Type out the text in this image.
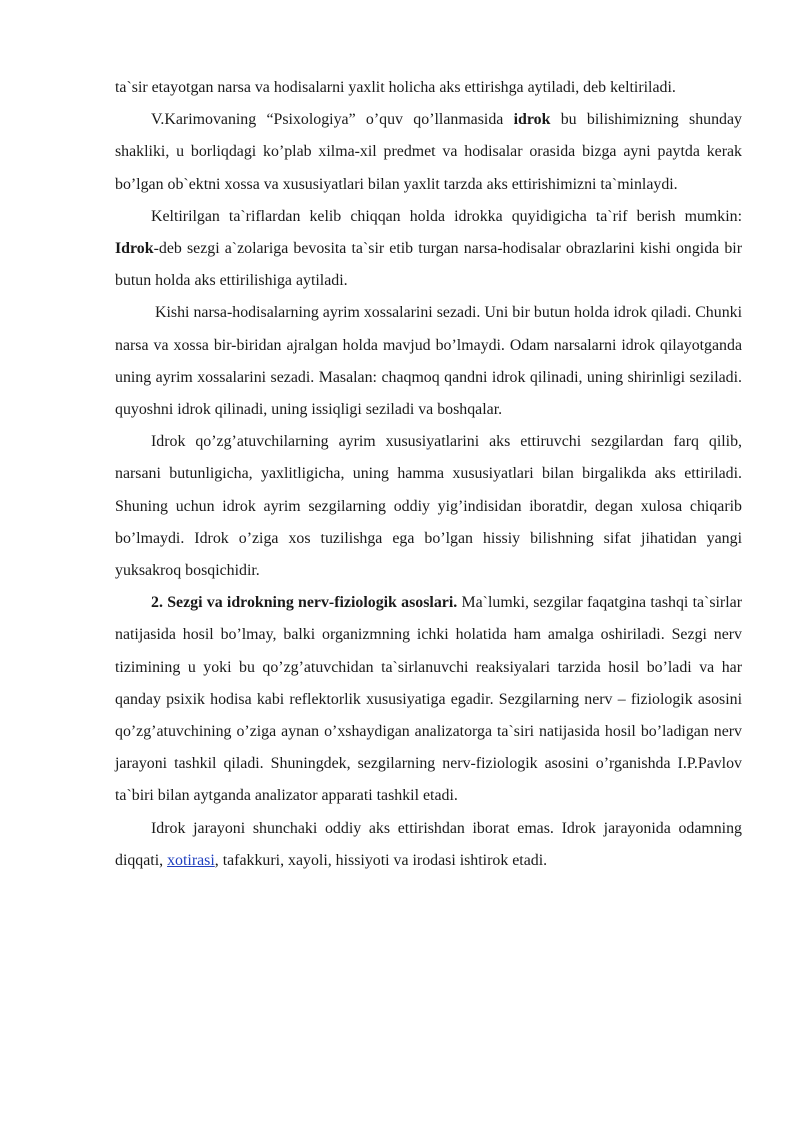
ta`sir etayotgan narsa va hodisalarni yaxlit holicha aks ettirishga aytiladi, deb keltiriladi.

V.Karimovaning “Psixologiya” o’quv qo’llanmasida idrok bu bilishimizning shunday shakliki, u borliqdagi ko’plab xilma-xil predmet va hodisalar orasida bizga ayni paytda kerak bo’lgan ob`ektni xossa va xususiyatlari bilan yaxlit tarzda aks ettirishimizni ta`minlaydi.

Keltirilgan ta`riflardan kelib chiqqan holda idrokka quyidigicha ta`rif berish mumkin: Idrok-deb sezgi a`zolariga bevosita ta`sir etib turgan narsa-hodisalar obrazlarini kishi ongida bir butun holda aks ettirilishiga aytiladi.

Kishi narsa-hodisalarning ayrim xossalarini sezadi. Uni bir butun holda idrok qiladi. Chunki narsa va xossa bir-biridan ajralgan holda mavjud bo’lmaydi. Odam narsalarni idrok qilayotganda uning ayrim xossalarini sezadi. Masalan: chaqmoq qandni idrok qilinadi, uning shirinligi seziladi. quyoshni idrok qilinadi, uning issiqligi seziladi va boshqalar.

Idrok qo’zg’atuvchilarning ayrim xususiyatlarini aks ettiruvchi sezgilardan farq qilib, narsani butunligicha, yaxlitligicha, uning hamma xususiyatlari bilan birgalikda aks ettiriladi. Shuning uchun idrok ayrim sezgilarning oddiy yig’indisidan iboratdir, degan xulosa chiqarib bo’lmaydi. Idrok o’ziga xos tuzilishga ega bo’lgan hissiy bilishning sifat jihatidan yangi yuksakroq bosqichidir.

2. Sezgi va idrokning nerv-fiziologik asoslari. Ma`lumki, sezgilar faqatgina tashqi ta`sirlar natijasida hosil bo’lmay, balki organizmning ichki holatida ham amalga oshiriladi. Sezgi nerv tizimining u yoki bu qo’zg’atuvchidan ta`sirlanuvchi reaksiyalari tarzida hosil bo’ladi va har qanday psixik hodisa kabi reflektorlik xususiyatiga egadir. Sezgilarning nerv – fiziologik asosini qo’zg’atuvchining o’ziga aynan o’xshaydigan analizatorga ta`siri natijasida hosil bo’ladigan nerv jarayoni tashkil qiladi. Shuningdek, sezgilarning nerv-fiziologik asosini o’rganishda I.P.Pavlov ta`biri bilan aytganda analizator apparati tashkil etadi.

Idrok jarayoni shunchaki oddiy aks ettirishdan iborat emas. Idrok jarayonida odamning diqqati, xotirasi, tafakkuri, xayoli, hissiyoti va irodasi ishtirok etadi.
